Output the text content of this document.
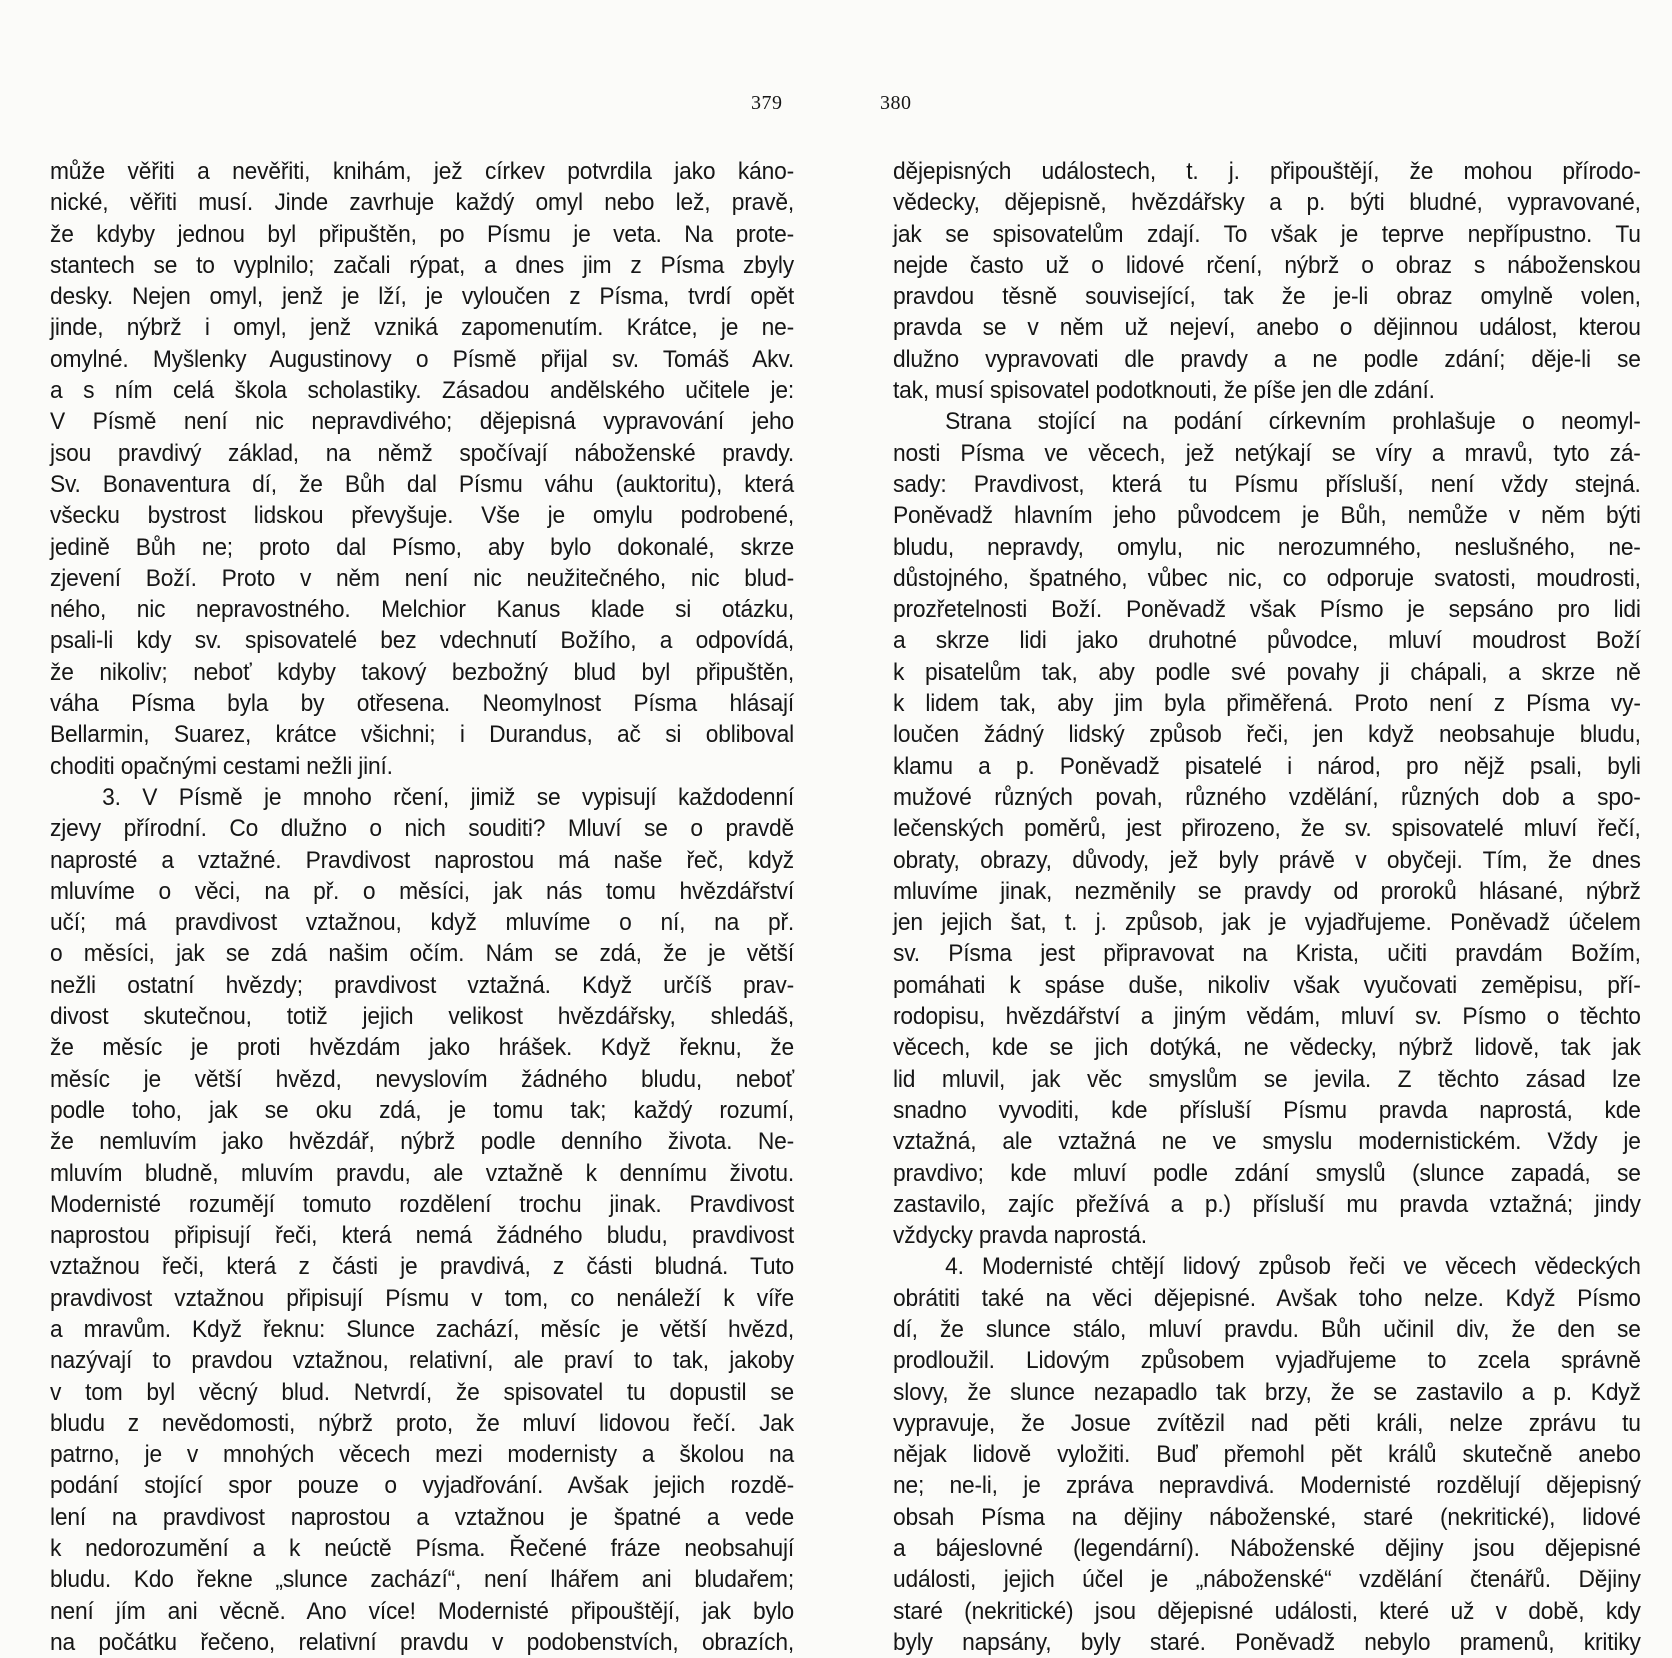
379
může věřiti a nevěřiti, knihám, jež církev potvrdila jako káno-
nické, věřiti musí. Jinde zavrhuje každý omyl nebo lež, pravě,
že kdyby jednou byl připuštěn, po Písmu je veta. Na prote-
stantech se to vyplnilo; začali rýpat, a dnes jim z Písma zbyly
desky. Nejen omyl, jenž je lží, je vyloučen z Písma, tvrdí opět
jinde, nýbrž i omyl, jenž vzniká zapomenutím. Krátce, je ne-
omylné. Myšlenky Augustinovy o Písmě přijal sv. Tomáš Akv.
a s ním celá škola scholastiky. Zásadou andělského učitele je:
V Písmě není nic nepravdivého; dějepisná vypravování jeho
jsou pravdivý základ, na němž spočívají náboženské pravdy.
Sv. Bonaventura dí, že Bůh dal Písmu váhu (auktoritu), která
všecku bystrost lidskou převyšuje. Vše je omylu podrobené,
jedině Bůh ne; proto dal Písmo, aby bylo dokonalé, skrze
zjevení Boží. Proto v něm není nic neužitečného, nic blud-
ného, nic nepravostného. Melchior Kanus klade si otázku,
psali-li kdy sv. spisovatelé bez vdechnutí Božího, a odpovídá,
že nikoliv; neboť kdyby takový bezbožný blud byl připuštěn,
váha Písma byla by otřesena. Neomylnost Písma hlásají
Bellarmin, Suarez, krátce všichni; i Durandus, ač si obliboval
choditi opačnými cestami nežli jiní.
3. V Písmě je mnoho rčení, jimiž se vypisují každodenní
zjevy přírodní. Co dlužno o nich souditi? Mluví se o pravdě
naprosté a vztažné. Pravdivost naprostou má naše řeč, když
mluvíme o věci, na př. o měsíci, jak nás tomu hvězdářství
učí; má pravdivost vztažnou, když mluvíme o ní, na př.
o měsíci, jak se zdá našim očím. Nám se zdá, že je větší
nežli ostatní hvězdy; pravdivost vztažná. Když určíš prav-
divost skutečnou, totiž jejich velikost hvězdářsky, shledáš,
že měsíc je proti hvězdám jako hrášek. Když řeknu, že
měsíc je větší hvězd, nevyslovím žádného bludu, neboť
podle toho, jak se oku zdá, je tomu tak; každý rozumí,
že nemluvím jako hvězdář, nýbrž podle denního života. Ne-
mluvím bludně, mluvím pravdu, ale vztažně k dennímu životu.
Modernisté rozumějí tomuto rozdělení trochu jinak. Pravdivost
naprostou připisují řeči, která nemá žádného bludu, pravdivost
vztažnou řeči, která z části je pravdivá, z části bludná. Tuto
pravdivost vztažnou připisují Písmu v tom, co nenáleží k víře
a mravům. Když řeknu: Slunce zachází, měsíc je větší hvězd,
nazývají to pravdou vztažnou, relativní, ale praví to tak, jakoby
v tom byl věcný blud. Netvrdí, že spisovatel tu dopustil se
bludu z nevědomosti, nýbrž proto, že mluví lidovou řečí. Jak
patrno, je v mnohých věcech mezi modernisty a školou na
podání stojící spor pouze o vyjadřování. Avšak jejich rozdě-
lení na pravdivost naprostou a vztažnou je špatné a vede
k nedorozumění a k neúctě Písma. Řečené fráze neobsahují
bludu. Kdo řekne „slunce zachází“, není lhářem ani bludařem;
není jím ani věcně. Ano více! Modernisté připouštějí, jak bylo
na počátku řečeno, relativní pravdu v podobenstvích, obrazích,
380
dějepisných událostech, t. j. připouštějí, že mohou přírodo-
vědecky, dějepisně, hvězdářsky a p. býti bludné, vypravované,
jak se spisovatelům zdají. To však je teprve nepřípustno. Tu
nejde často už o lidové rčení, nýbrž o obraz s náboženskou
pravdou těsně související, tak že je-li obraz omylně volen,
pravda se v něm už nejeví, anebo o dějinnou událost, kterou
dlužno vypravovati dle pravdy a ne podle zdání; děje-li se
tak, musí spisovatel podotknouti, že píše jen dle zdání.
Strana stojící na podání církevním prohlašuje o neomyl-
nosti Písma ve věcech, jež netýkají se víry a mravů, tyto zá-
sady: Pravdivost, která tu Písmu přísluší, není vždy stejná.
Poněvadž hlavním jeho původcem je Bůh, nemůže v něm býti
bludu, nepravdy, omylu, nic nerozumného, neslušného, ne-
důstojného, špatného, vůbec nic, co odporuje svatosti, moudrosti,
prozřetelnosti Boží. Poněvadž však Písmo je sepsáno pro lidi
a skrze lidi jako druhotné původce, mluví moudrost Boží
k pisatelům tak, aby podle své povahy ji chápali, a skrze ně
k lidem tak, aby jim byla přiměřená. Proto není z Písma vy-
loučen žádný lidský způsob řeči, jen když neobsahuje bludu,
klamu a p. Poněvadž pisatelé i národ, pro nějž psali, byli
mužové různých povah, různého vzdělání, různých dob a spo-
lečenských poměrů, jest přirozeno, že sv. spisovatelé mluví řečí,
obraty, obrazy, důvody, jež byly právě v obyčeji. Tím, že dnes
mluvíme jinak, nezměnily se pravdy od proroků hlásané, nýbrž
jen jejich šat, t. j. způsob, jak je vyjadřujeme. Poněvadž účelem
sv. Písma jest připravovat na Krista, učiti pravdám Božím,
pomáhati k spáse duše, nikoliv však vyučovati zeměpisu, pří-
rodopisu, hvězdářství a jiným vědám, mluví sv. Písmo o těchto
věcech, kde se jich dotýká, ne vědecky, nýbrž lidově, tak jak
lid mluvil, jak věc smyslům se jevila. Z těchto zásad lze
snadno vyvoditi, kde přísluší Písmu pravda naprostá, kde
vztažná, ale vztažná ne ve smyslu modernistickém. Vždy je
pravdivo; kde mluví podle zdání smyslů (slunce zapadá, se
zastavilo, zajíc přežívá a p.) přísluší mu pravda vztažná; jindy
vždycky pravda naprostá.
4. Modernisté chtějí lidový způsob řeči ve věcech vědeckých
obrátiti také na věci dějepisné. Avšak toho nelze. Když Písmo
dí, že slunce stálo, mluví pravdu. Bůh učinil div, že den se
prodloužil. Lidovým způsobem vyjadřujeme to zcela správně
slovy, že slunce nezapadlo tak brzy, že se zastavilo a p. Když
vypravuje, že Josue zvítězil nad pěti králi, nelze zprávu tu
nějak lidově vyložiti. Buď přemohl pět králů skutečně anebo
ne; ne-li, je zpráva nepravdivá. Modernisté rozdělují dějepisný
obsah Písma na dějiny náboženské, staré (nekritické), lidové
a bájeslovné (legendární). Náboženské dějiny jsou dějepisné
události, jejich účel je „náboženské“ vzdělání čtenářů. Dějiny
staré (nekritické) jsou dějepisné události, které už v době, kdy
byly napsány, byly staré. Poněvadž nebylo pramenů, kritiky
